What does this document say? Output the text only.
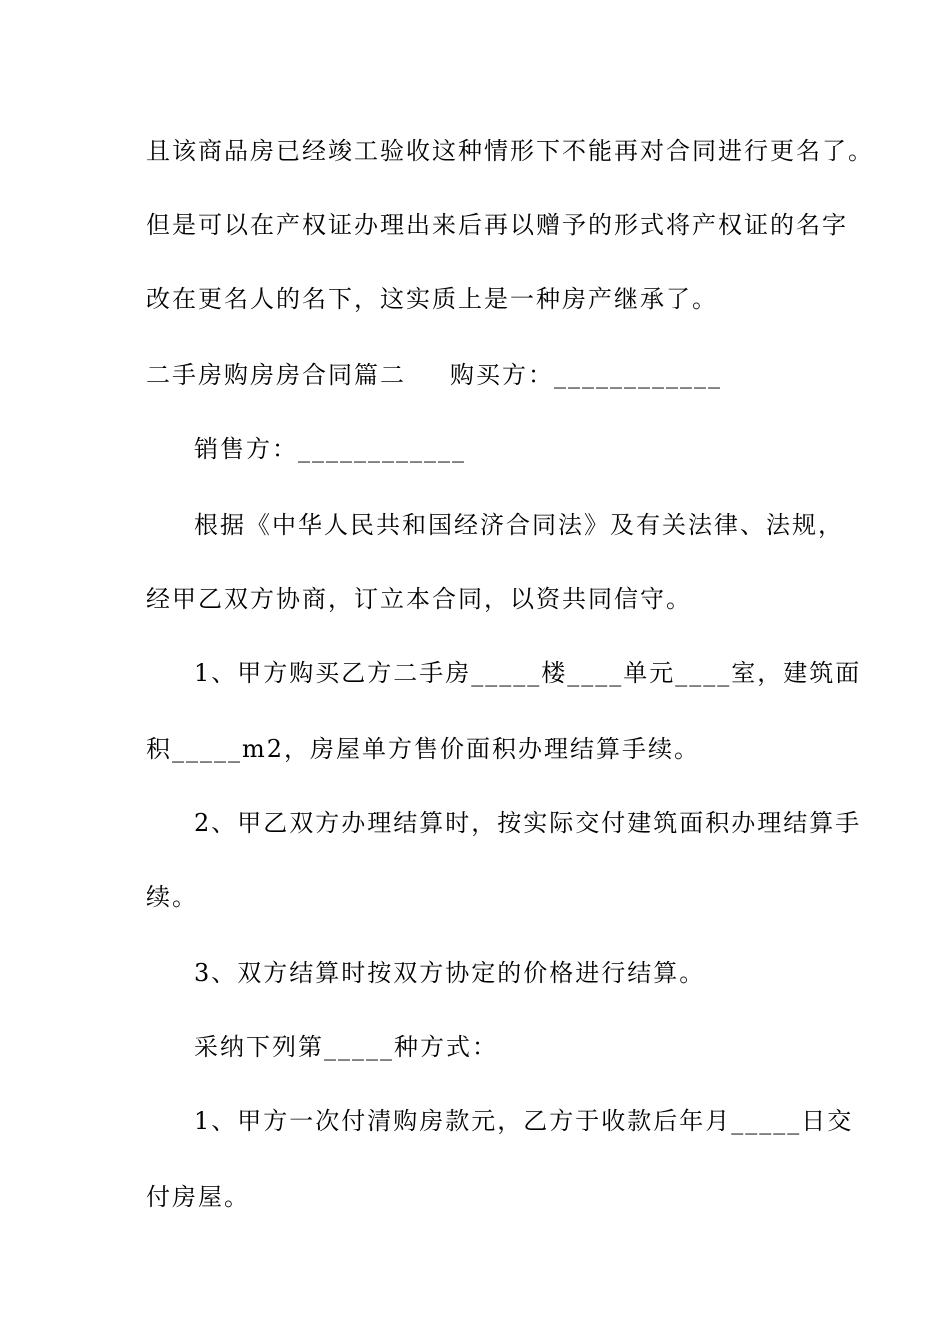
且该商品房已经竣工验收这种情形下不能再对合同进行更名了。
但是可以在产权证办理出来后再以赠予的形式将产权证的名字
改在更名人的名下，这实质上是一种房产继承了。
二手房购房房合同篇二 购买方：____________
销售方：____________
根据《中华人民共和国经济合同法》及有关法律、法规，
经甲乙双方协商，订立本合同，以资共同信守。
1、甲方购买乙方二手房_____楼____单元____室，建筑面
积_____m2，房屋单方售价面积办理结算手续。
2、甲乙双方办理结算时，按实际交付建筑面积办理结算手
续。
3、双方结算时按双方协定的价格进行结算。
采纳下列第_____种方式：
1、甲方一次付清购房款元，乙方于收款后年月_____日交
付房屋。
